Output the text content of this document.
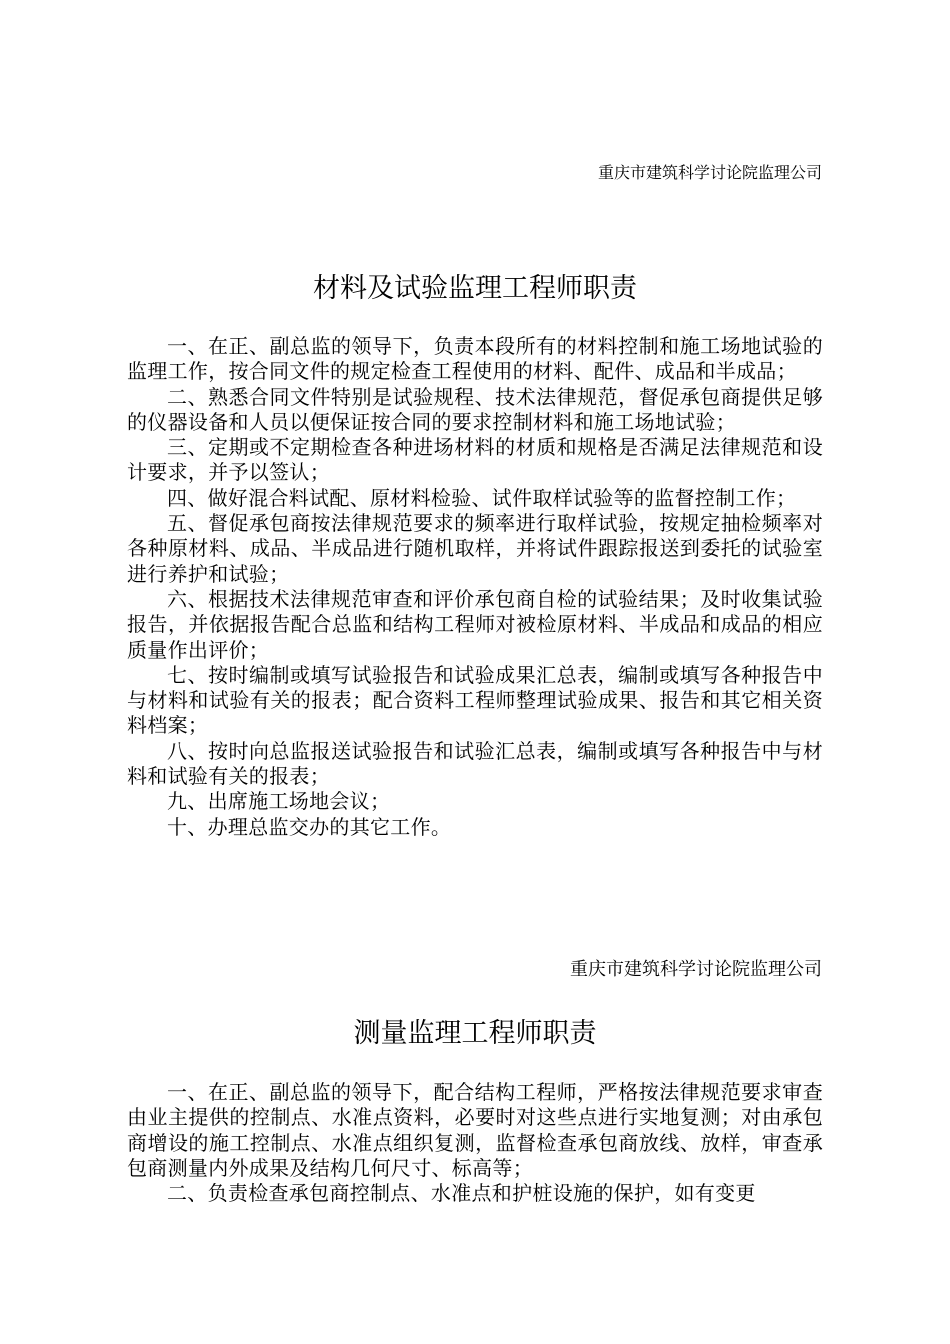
重庆市建筑科学讨论院监理公司
材料及试验监理工程师职责

一、在正、副总监的领导下，负责本段所有的材料控制和施工场地试验的监理工作，按合同文件的规定检查工程使用的材料、配件、成品和半成品；

二、熟悉合同文件特别是试验规程、技术法律规范，督促承包商提供足够的仪器设备和人员以便保证按合同的要求控制材料和施工场地试验；

三、定期或不定期检查各种进场材料的材质和规格是否满足法律规范和设计要求，并予以签认；

四、做好混合料试配、原材料检验、试件取样试验等的监督控制工作；

五、督促承包商按法律规范要求的频率进行取样试验，按规定抽检频率对各种原材料、成品、半成品进行随机取样，并将试件跟踪报送到委托的试验室进行养护和试验；

六、根据技术法律规范审查和评价承包商自检的试验结果；及时收集试验报告，并依据报告配合总监和结构工程师对被检原材料、半成品和成品的相应质量作出评价；

七、按时编制或填写试验报告和试验成果汇总表，编制或填写各种报告中与材料和试验有关的报表；配合资料工程师整理试验成果、报告和其它相关资料档案；

八、按时向总监报送试验报告和试验汇总表，编制或填写各种报告中与材料和试验有关的报表；

九、出席施工场地会议；

十、办理总监交办的其它工作。

重庆市建筑科学讨论院监理公司
测量监理工程师职责

一、在正、副总监的领导下，配合结构工程师，严格按法律规范要求审查由业主提供的控制点、水准点资料，必要时对这些点进行实地复测；对由承包商增设的施工控制点、水准点组织复测，监督检查承包商放线、放样，审查承包商测量内外成果及结构几何尺寸、标高等；

二、负责检查承包商控制点、水准点和护桩设施的保护，如有变更
